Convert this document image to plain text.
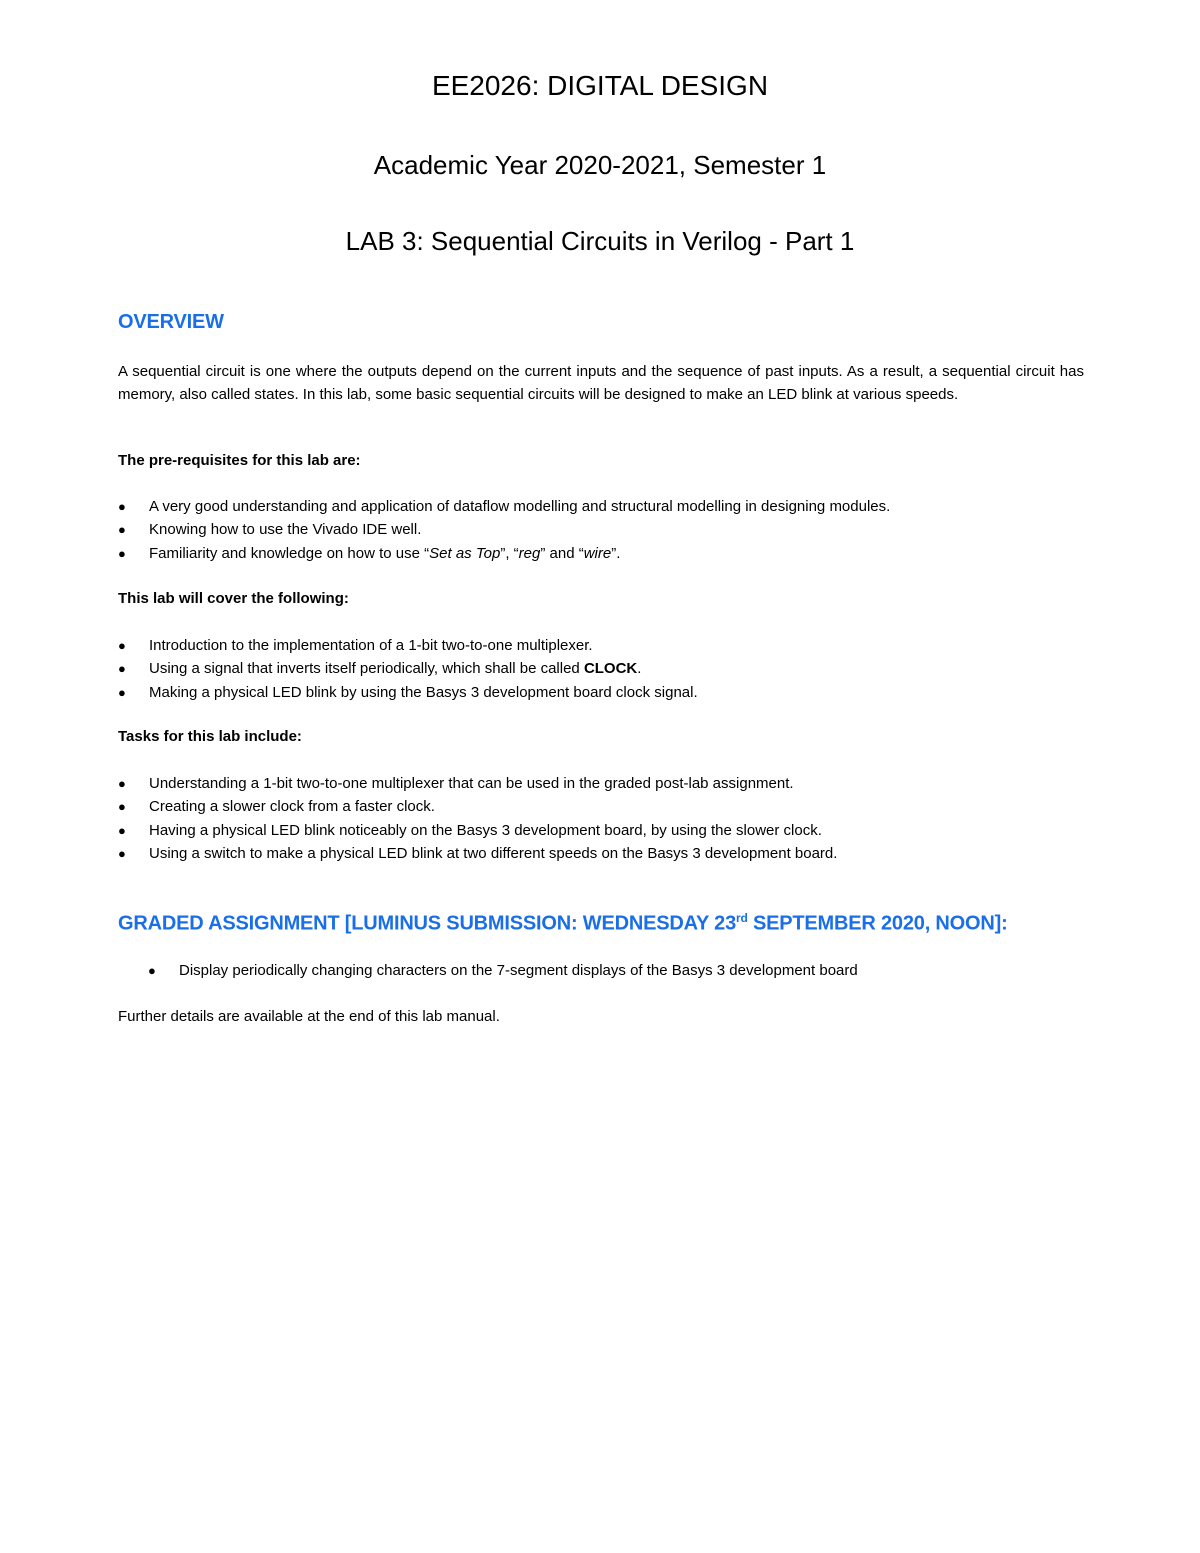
EE2026: DIGITAL DESIGN
Academic Year 2020-2021, Semester 1
LAB 3: Sequential Circuits in Verilog - Part 1
OVERVIEW

A sequential circuit is one where the outputs depend on the current inputs and the sequence of past inputs. As a result, a sequential circuit has memory, also called states. In this lab, some basic sequential circuits will be designed to make an LED blink at various speeds.

The pre-requisites for this lab are:

● A very good understanding and application of dataflow modelling and structural modelling in designing modules.
● Knowing how to use the Vivado IDE well.
● Familiarity and knowledge on how to use “Set as Top”, “reg” and “wire”.

This lab will cover the following:

● Introduction to the implementation of a 1-bit two-to-one multiplexer.
● Using a signal that inverts itself periodically, which shall be called CLOCK.
● Making a physical LED blink by using the Basys 3 development board clock signal.

Tasks for this lab include:

● Understanding a 1-bit two-to-one multiplexer that can be used in the graded post-lab assignment.
● Creating a slower clock from a faster clock.
● Having a physical LED blink noticeably on the Basys 3 development board, by using the slower clock.
● Using a switch to make a physical LED blink at two different speeds on the Basys 3 development board.
GRADED ASSIGNMENT [LUMINUS SUBMISSION: WEDNESDAY 23rd SEPTEMBER 2020, NOON]:
● Display periodically changing characters on the 7-segment displays of the Basys 3 development board

Further details are available at the end of this lab manual.
